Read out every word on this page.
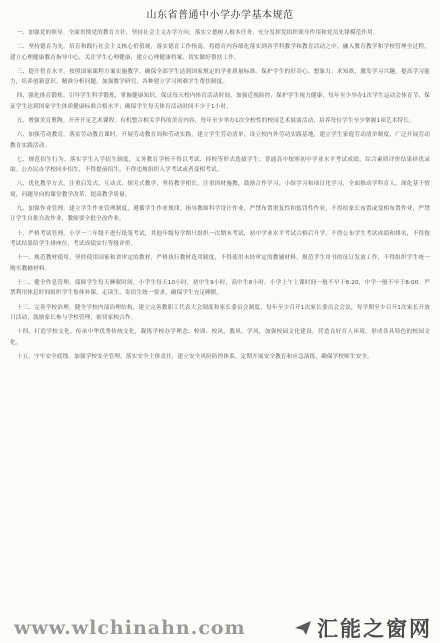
山东省普通中小学办学基本规范

一、加强党的领导。全面贯彻党的教育方针，坚持社会主义办学方向，落实立德树人根本任务。充分发挥党组织领导作用和党员先锋模范作用。

二、坚持德育为先。培育和践行社会主义核心价值观，落实德育工作指南，将德育内容细化落实到各学科教学和教育活动之中。融入教育教学和学校管理全过程，建立心理健康教育指导中心，关注学生心理健康，建立心理健康档案，切实做好帮扶工作。

三、提升智育水平。按照国家课程方案实施教学，确保全部学生达到国家规定的学业质量标准。保护学生的好奇心、想象力、求知欲，激发学习兴趣，提高学习能力，培养创新意识。精准分析问题，加强教学研究，各种建立学习困难学生帮扶制度。

四、强化体育锻炼。引导学生科学锻炼，掌握健康知识，保证每天校内体育活动时间，加强近视防控，保护学生视力健康，每年至少举办1次学生运动会体育节，保证学生达到国家学生体质健康标准合格水平；确保学生每天体育活动时间不少于1小时。

五、增强美育熏陶。开齐开足艺术课程，有机整合相关学科的美育内容，每年至少举办1次全校性的校园艺术展演活动，培养每位学生至少掌握1项艺术特长。

六、加强劳动教育。落实劳动教育课时，开展劳动教育周和劳动实践，建立学生劳动清单，设立校内外劳动实践基地，建立学生家庭劳动清单制度，广泛开展劳动教育实践活动。

七、规范招生行为。落实学生入学招生制度，义务教育学校不得以考试、择校等形式选拔学生；普通高中按照初中学业水平考试成绩，综合素质评价结果择优录取。公办民办学校同步招生，不得提前招生，不得违规组织入学考试或者变相考试。

八、优化教学方式。注重启发式、互动式、探究式教学，坚持教学相长，注重因材施教，鼓励合作学习、小组学习和项目化学习，全面推动学科育人，深化基于情境、问题导向的课堂教学改革，提高教学质量。

九、加强作业管理。建立学生作业管理制度，遵循学生作业规律，指导教师科学设计作业，严禁布置重复性和惩罚性作业，不得给家长布置或变相布置作业，严禁让学生自批自改作业，教师要全批全改作业。

十、严格考试管理。小学一二年级不进行纸笔考试，其他年级每学期只组织一次期末考试，初中学业水平考试合格后升学，不得公布学生考试成绩和排名，不得按考试结果给学生排座位，考试成绩实行等级评价。

十一、规范教材使用。坚持使用国家和省审定的教材，严格执行教材选用制度，不得使用未经审定的教辅材料，规范学生用书的征订发放工作，不得组织学生统一购买教辅材料。

十二、健全作息管理。保障学生每天睡眠时间，小学生每天10小时，初中生9小时，高中生8小时。小学上午上课时间一般不早于8:20，中学一般不早于8:00。严禁利用休息时间组织学生集体补课，走读生、寄宿生统一要求，确保学生充足睡眠。

十三、完善学校治理。健全学校内部治理结构，建立完善教职工代表大会制度和家长委员会制度，每年至少召开1次家长委员会会议，每学期至少召开1次家长开放日活动，鼓励家长参与学校管理，密切家校合作。

十四、打造学校文化。传承中华优秀传统文化，凝练学校办学理念、校训、校风、教风、学风，加强校园文化建设，营造良好育人环境，形成各具特色的校园文化。

十五、守牢安全底线。加强学校安全管理，落实安全主体责任，建立安全风险防控体系，定期开展安全教育和应急演练，确保学校师生安全。

www.wlchinahn.com	汇能之窗网
